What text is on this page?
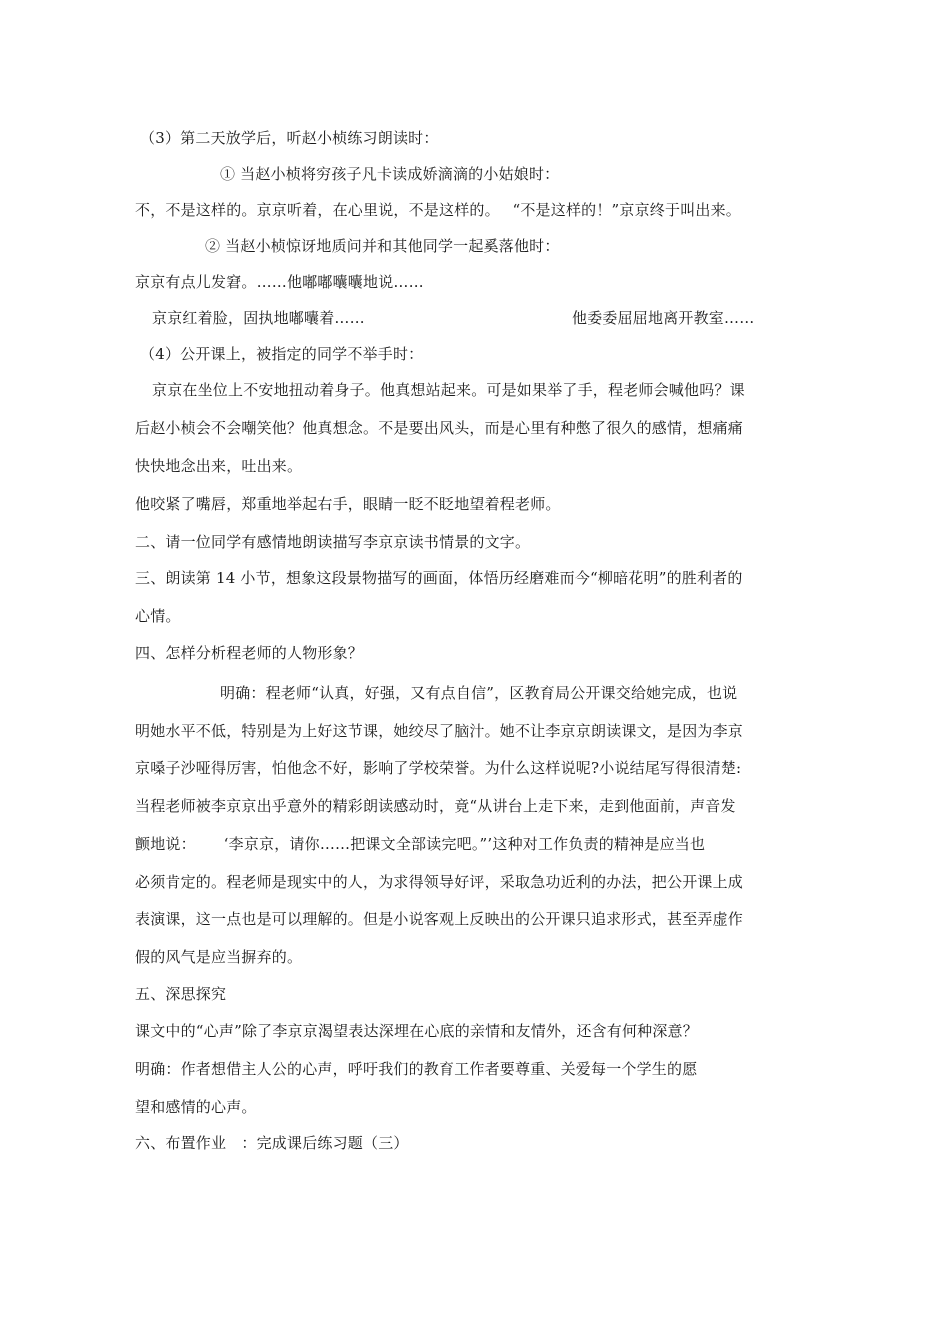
（3）第二天放学后，听赵小桢练习朗读时：
① 当赵小桢将穷孩子凡卡读成娇滴滴的小姑娘时：
不，不是这样的。京京听着，在心里说，不是这样的。　 “不是这样的！”京京终于叫出来。
② 当赵小桢惊讶地质问并和其他同学一起奚落他时：
京京有点儿发窘。……他嘟嘟囔囔地说……
京京红着脸，固执地嘟囔着……	他委委屈屈地离开教室……
（4）公开课上，被指定的同学不举手时：
京京在坐位上不安地扭动着身子。他真想站起来。可是如果举了手，程老师会喊他吗？课
后赵小桢会不会嘲笑他？他真想念。不是要出风头，而是心里有种憋了很久的感情，想痛痛
快快地念出来，吐出来。
他咬紧了嘴唇，郑重地举起右手，眼睛一眨不眨地望着程老师。
二、请一位同学有感情地朗读描写李京京读书情景的文字。
三、朗读第 14 小节，想象这段景物描写的画面，体悟历经磨难而今“柳暗花明”的胜利者的
心情。
四、怎样分析程老师的人物形象？
明确：程老师“认真，好强，又有点自信”，区教育局公开课交给她完成，也说
明她水平不低，特别是为上好这节课，她绞尽了脑汁。她不让李京京朗读课文，是因为李京
京嗓子沙哑得厉害，怕他念不好，影响了学校荣誉。为什么这样说呢?小说结尾写得很清楚:
当程老师被李京京出乎意外的精彩朗读感动时，竟“从讲台上走下来，走到他面前，声音发
颤地说：　　 ‘李京京，请你……把课文全部读完吧。”’这种对工作负责的精神是应当也
必须肯定的。程老师是现实中的人，为求得领导好评，采取急功近利的办法，把公开课上成
表演课，这一点也是可以理解的。但是小说客观上反映出的公开课只追求形式，甚至弄虚作
假的风气是应当摒弃的。
五、深思探究
课文中的“心声”除了李京京渴望表达深埋在心底的亲情和友情外，还含有何种深意？
明确：作者想借主人公的心声，呼吁我们的教育工作者要尊重、关爱每一个学生的愿
望和感情的心声。
六、布置作业　：完成课后练习题（三）
